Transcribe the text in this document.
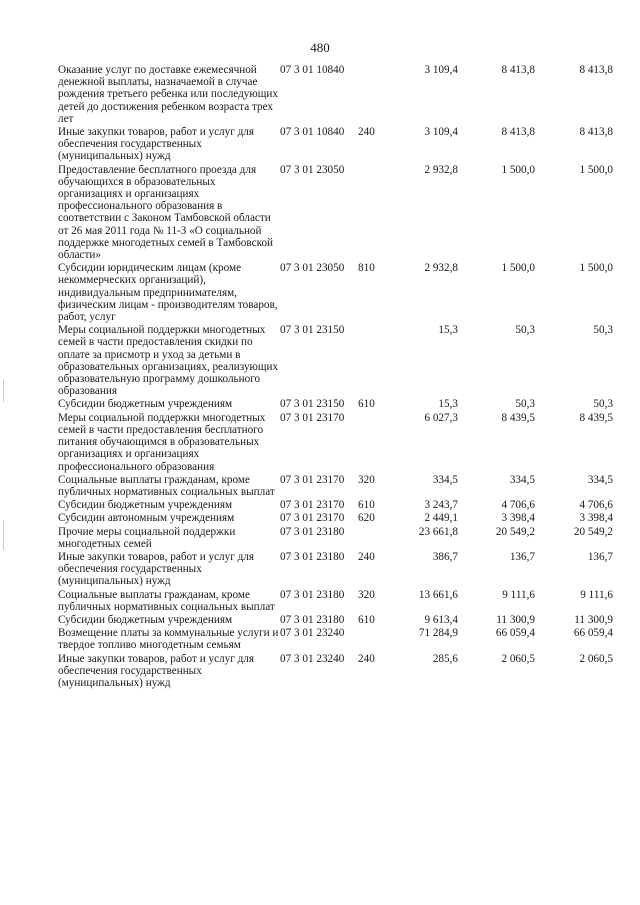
480
Оказание услуг по доставке ежемесячной денежной выплаты, назначаемой в случае рождения третьего ребенка или последующих детей до достижения ребенком возраста трех лет	07 3 01 10840		3 109,4	8 413,8	8 413,8
Иные закупки товаров, работ и услуг для обеспечения государственных (муниципальных) нужд	07 3 01 10840	240	3 109,4	8 413,8	8 413,8
Предоставление бесплатного проезда для обучающихся в образовательных организациях и организациях профессионального образования в соответствии с Законом Тамбовской области от 26 мая 2011 года № 11-З «О социальной поддержке многодетных семей в Тамбовской области»	07 3 01 23050		2 932,8	1 500,0	1 500,0
Субсидии юридическим лицам (кроме некоммерческих организаций), индивидуальным предпринимателям, физическим лицам - производителям товаров, работ, услуг	07 3 01 23050	810	2 932,8	1 500,0	1 500,0
Меры социальной поддержки многодетных семей в части предоставления скидки по оплате за присмотр и уход за детьми в образовательных организациях, реализующих образовательную программу дошкольного образования	07 3 01 23150		15,3	50,3	50,3
Субсидии бюджетным учреждениям	07 3 01 23150	610	15,3	50,3	50,3
Меры социальной поддержки многодетных семей в части предоставления бесплатного питания обучающимся в образовательных организациях и организациях профессионального образования	07 3 01 23170		6 027,3	8 439,5	8 439,5
Социальные выплаты гражданам, кроме публичных нормативных социальных выплат	07 3 01 23170	320	334,5	334,5	334,5
Субсидии бюджетным учреждениям	07 3 01 23170	610	3 243,7	4 706,6	4 706,6
Субсидии автономным учреждениям	07 3 01 23170	620	2 449,1	3 398,4	3 398,4
Прочие меры социальной поддержки многодетных семей	07 3 01 23180		23 661,8	20 549,2	20 549,2
Иные закупки товаров, работ и услуг для обеспечения государственных (муниципальных) нужд	07 3 01 23180	240	386,7	136,7	136,7
Социальные выплаты гражданам, кроме публичных нормативных социальных выплат	07 3 01 23180	320	13 661,6	9 111,6	9 111,6
Субсидии бюджетным учреждениям	07 3 01 23180	610	9 613,4	11 300,9	11 300,9
Возмещение платы за коммунальные услуги и твердое топливо многодетным семьям	07 3 01 23240		71 284,9	66 059,4	66 059,4
Иные закупки товаров, работ и услуг для обеспечения государственных (муниципальных) нужд	07 3 01 23240	240	285,6	2 060,5	2 060,5
